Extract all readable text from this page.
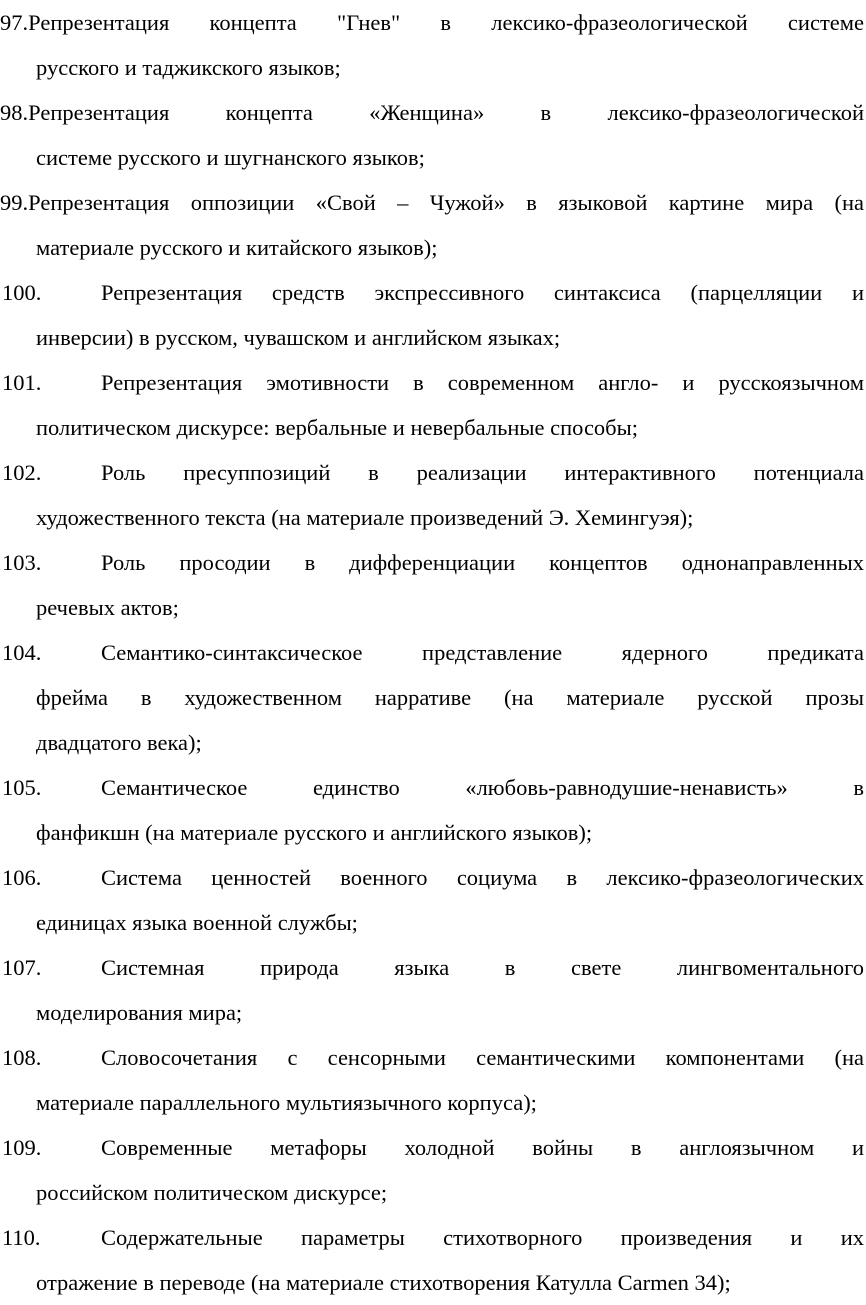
97.Репрезентация концепта "Гнев" в лексико-фразеологической системе
русского и таджикского языков;
98.Репрезентация концепта «Женщина» в лексико-фразеологической
системе русского и шугнанского языков;
99.Репрезентация оппозиции «Свой – Чужой» в языковой картине мира (на
материале русского и китайского языков);
100.	Репрезентация средств экспрессивного синтаксиса (парцелляции и
инверсии) в русском, чувашском и английском языках;
101.	Репрезентация эмотивности в современном англо- и русскоязычном
политическом дискурсе: вербальные и невербальные способы;
102.	Роль пресуппозиций в реализации интерактивного потенциала
художественного текста (на материале произведений Э. Хемингуэя);
103.	Роль просодии в дифференциации концептов однонаправленных
речевых актов;
104.	Семантико-синтаксическое представление ядерного предиката
фрейма в художественном нарративе (на материале русской прозы
двадцатого века);
105.	Семантическое единство «любовь-равнодушие-ненависть» в
фанфикшн (на материале русского и английского языков);
106.	Система ценностей военного социума в лексико-фразеологических
единицах языка военной службы;
107.	Системная природа языка в свете лингвоментального
моделирования мира;
108.	Словосочетания с сенсорными семантическими компонентами (на
материале параллельного мультиязычного корпуса);
109.	Современные метафоры холодной войны в англоязычном и
российском политическом дискурсе;
110.	Содержательные параметры стихотворного произведения и их
отражение в переводе (на материале стихотворения Катулла Carmen 34);
